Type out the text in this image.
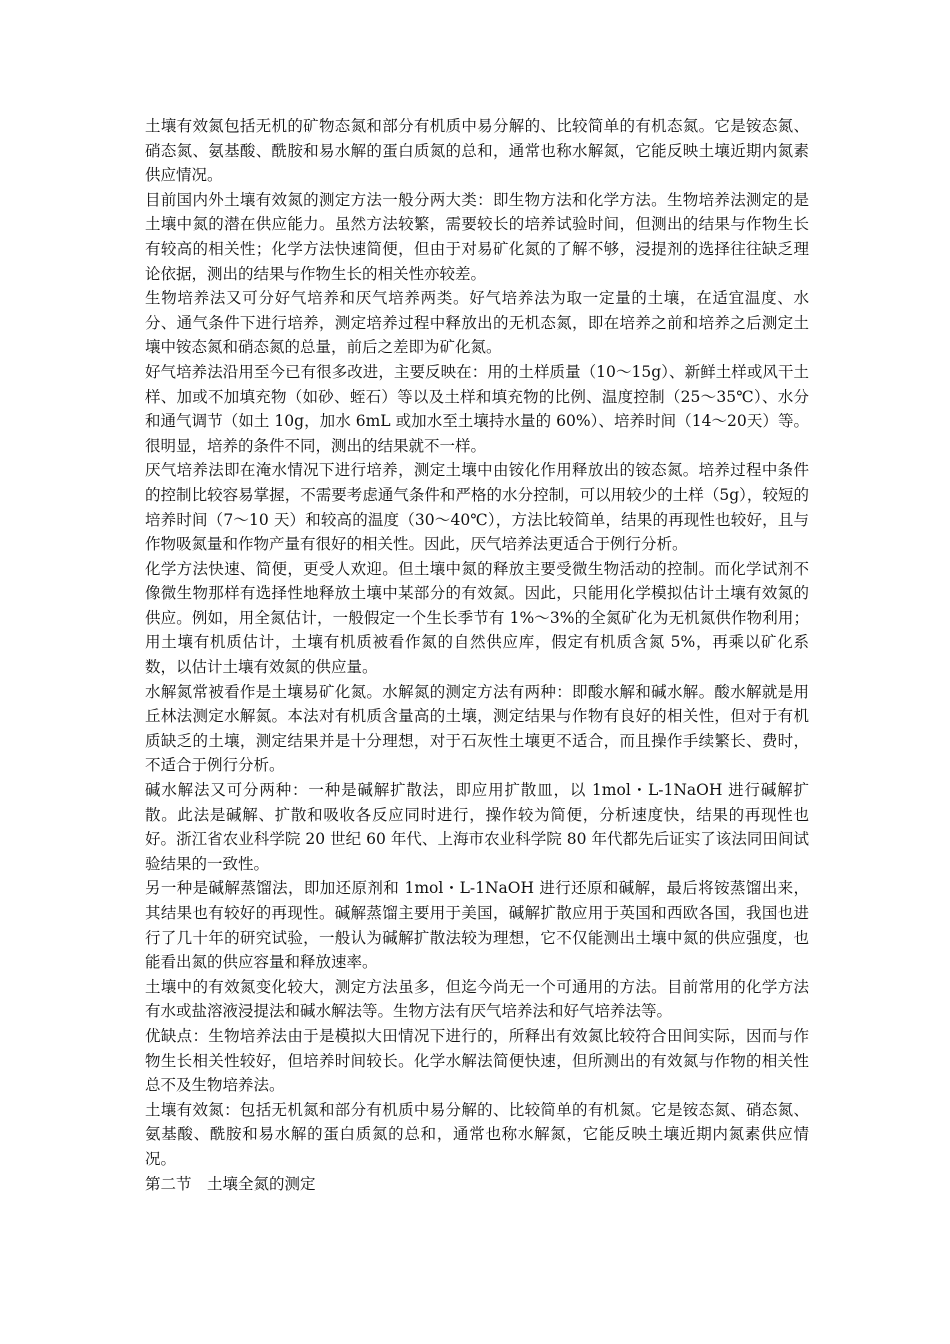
土壤有效氮包括无机的矿物态氮和部分有机质中易分解的、比较简单的有机态氮。它是铵态氮、硝态氮、氨基酸、酰胺和易水解的蛋白质氮的总和，通常也称水解氮，它能反映土壤近期内氮素供应情况。

目前国内外土壤有效氮的测定方法一般分两大类：即生物方法和化学方法。生物培养法测定的是土壤中氮的潜在供应能力。虽然方法较繁，需要较长的培养试验时间，但测出的结果与作物生长有较高的相关性；化学方法快速简便，但由于对易矿化氮的了解不够，浸提剂的选择往往缺乏理论依据，测出的结果与作物生长的相关性亦较差。

生物培养法又可分好气培养和厌气培养两类。好气培养法为取一定量的土壤，在适宜温度、水分、通气条件下进行培养，测定培养过程中释放出的无机态氮，即在培养之前和培养之后测定土壤中铵态氮和硝态氮的总量，前后之差即为矿化氮。

好气培养法沿用至今已有很多改进，主要反映在：用的土样质量（10～15g）、新鲜土样或风干土样、加或不加填充物（如砂、蛭石）等以及土样和填充物的比例、温度控制（25～35℃）、水分和通气调节（如土 10g，加水 6mL 或加水至土壤持水量的 60%）、培养时间（14～20天）等。很明显，培养的条件不同，测出的结果就不一样。

厌气培养法即在淹水情况下进行培养，测定土壤中由铵化作用释放出的铵态氮。培养过程中条件的控制比较容易掌握，不需要考虑通气条件和严格的水分控制，可以用较少的土样（5g），较短的培养时间（7～10 天）和较高的温度（30～40℃），方法比较简单，结果的再现性也较好，且与作物吸氮量和作物产量有很好的相关性。因此，厌气培养法更适合于例行分析。

化学方法快速、简便，更受人欢迎。但土壤中氮的释放主要受微生物活动的控制。而化学试剂不像微生物那样有选择性地释放土壤中某部分的有效氮。因此，只能用化学模拟估计土壤有效氮的供应。例如，用全氮估计，一般假定一个生长季节有 1%～3%的全氮矿化为无机氮供作物利用；用土壤有机质估计，土壤有机质被看作氮的自然供应库，假定有机质含氮 5%，再乘以矿化系数，以估计土壤有效氮的供应量。

水解氮常被看作是土壤易矿化氮。水解氮的测定方法有两种：即酸水解和碱水解。酸水解就是用丘林法测定水解氮。本法对有机质含量高的土壤，测定结果与作物有良好的相关性，但对于有机质缺乏的土壤，测定结果并是十分理想，对于石灰性土壤更不适合，而且操作手续繁长、费时，不适合于例行分析。

碱水解法又可分两种：一种是碱解扩散法，即应用扩散皿，以 1mol・L-1NaOH 进行碱解扩散。此法是碱解、扩散和吸收各反应同时进行，操作较为简便，分析速度快，结果的再现性也好。浙江省农业科学院 20 世纪 60 年代、上海市农业科学院 80 年代都先后证实了该法同田间试验结果的一致性。

另一种是碱解蒸馏法，即加还原剂和 1mol・L-1NaOH 进行还原和碱解，最后将铵蒸馏出来，其结果也有较好的再现性。碱解蒸馏主要用于美国，碱解扩散应用于英国和西欧各国，我国也进行了几十年的研究试验，一般认为碱解扩散法较为理想，它不仅能测出土壤中氮的供应强度，也能看出氮的供应容量和释放速率。

土壤中的有效氮变化较大，测定方法虽多，但迄今尚无一个可通用的方法。目前常用的化学方法有水或盐溶液浸提法和碱水解法等。生物方法有厌气培养法和好气培养法等。

优缺点：生物培养法由于是模拟大田情况下进行的，所释出有效氮比较符合田间实际，因而与作物生长相关性较好，但培养时间较长。化学水解法简便快速，但所测出的有效氮与作物的相关性总不及生物培养法。

土壤有效氮：包括无机氮和部分有机质中易分解的、比较简单的有机氮。它是铵态氮、硝态氮、氨基酸、酰胺和易水解的蛋白质氮的总和，通常也称水解氮，它能反映土壤近期内氮素供应情况。

第二节　土壤全氮的测定
